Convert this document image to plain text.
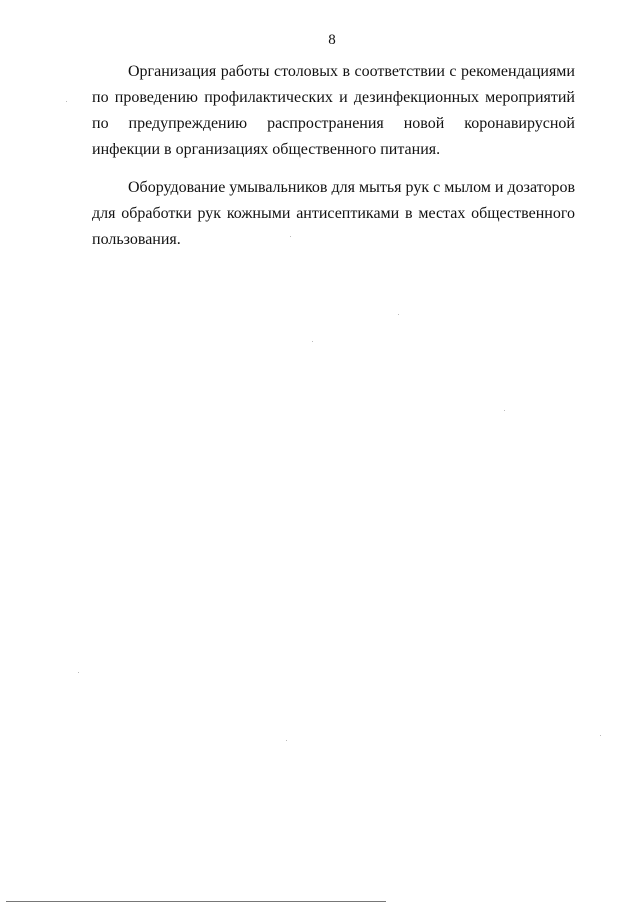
8

Организация работы столовых в соответствии с рекомендациями по проведению профилактических и дезинфекционных мероприятий по предупреждению распространения новой коронавирусной инфекции в организациях общественного питания.

Оборудование умывальников для мытья рук с мылом и дозаторов для обработки рук кожными антисептиками в местах общественного пользования.
